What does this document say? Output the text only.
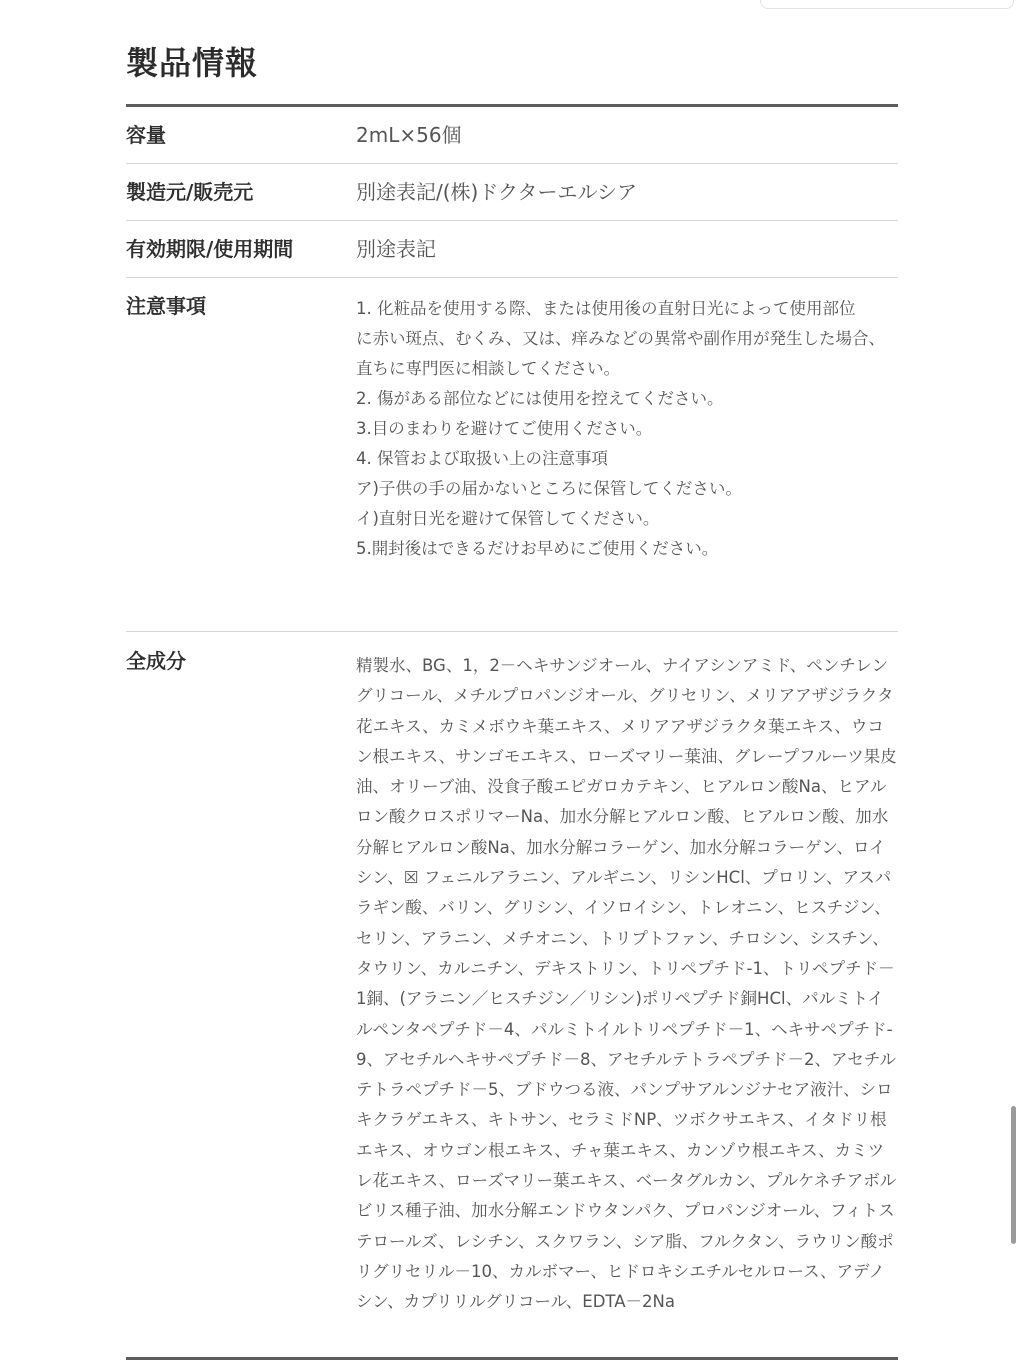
製品情報
容量	2mL×56個
製造元/販売元	別途表記/(株)ドクターエルシア
有効期限/使用期間	別途表記
注意事項	1. 化粧品を使用する際、または使用後の直射日光によって使用部位
に赤い斑点、むくみ、又は、痒みなどの異常や副作用が発生した場合、
直ちに専門医に相談してください。
2. 傷がある部位などには使用を控えてください。
3.目のまわりを避けてご使用ください。
4. 保管および取扱い上の注意事項
ア)子供の手の届かないところに保管してください。
イ)直射日光を避けて保管してください。
5.開封後はできるだけお早めにご使用ください。
全成分	精製水、BG、1，2－ヘキサンジオール、ナイアシンアミド、ペンチレングリコール、メチルプロパンジオール、グリセリン、メリアアザジラクタ花エキス、カミメボウキ葉エキス、メリアアザジラクタ葉エキス、ウコン根エキス、サンゴモエキス、ローズマリー葉油、グレープフルーツ果皮油、オリーブ油、没食子酸エピガロカテキン、ヒアルロン酸Na、ヒアルロン酸クロスポリマーNa、加水分解ヒアルロン酸、ヒアルロン酸、加水分解ヒアルロン酸Na、加水分解コラーゲン、加水分解コラーゲン、ロイシン、☒ フェニルアラニン、アルギニン、リシンHCl、プロリン、アスパラギン酸、バリン、グリシン、イソロイシン、トレオニン、ヒスチジン、セリン、アラニン、メチオニン、トリプトファン、チロシン、シスチン、タウリン、カルニチン、デキストリン、トリペプチド-1、トリペプチド－1銅、(アラニン／ヒスチジン／リシン)ポリペプチド銅HCl、パルミトイルペンタペプチド－4、パルミトイルトリペプチド－1、ヘキサペプチド-9、アセチルヘキサペプチド－8、アセチルテトラペプチド－2、アセチルテトラペプチド－5、ブドウつる液、パンプサアルンジナセア液汁、シロキクラゲエキス、キトサン、セラミドNP、ツボクサエキス、イタドリ根エキス、オウゴン根エキス、チャ葉エキス、カンゾウ根エキス、カミツレ花エキス、ローズマリー葉エキス、ベータグルカン、プルケネチアボルビリス種子油、加水分解エンドウタンパク、プロパンジオール、フィトステロールズ、レシチン、スクワラン、シア脂、フルクタン、ラウリン酸ポリグリセリル－10、カルボマー、ヒドロキシエチルセルロース、アデノシン、カプリリルグリコール、EDTA－2Na
